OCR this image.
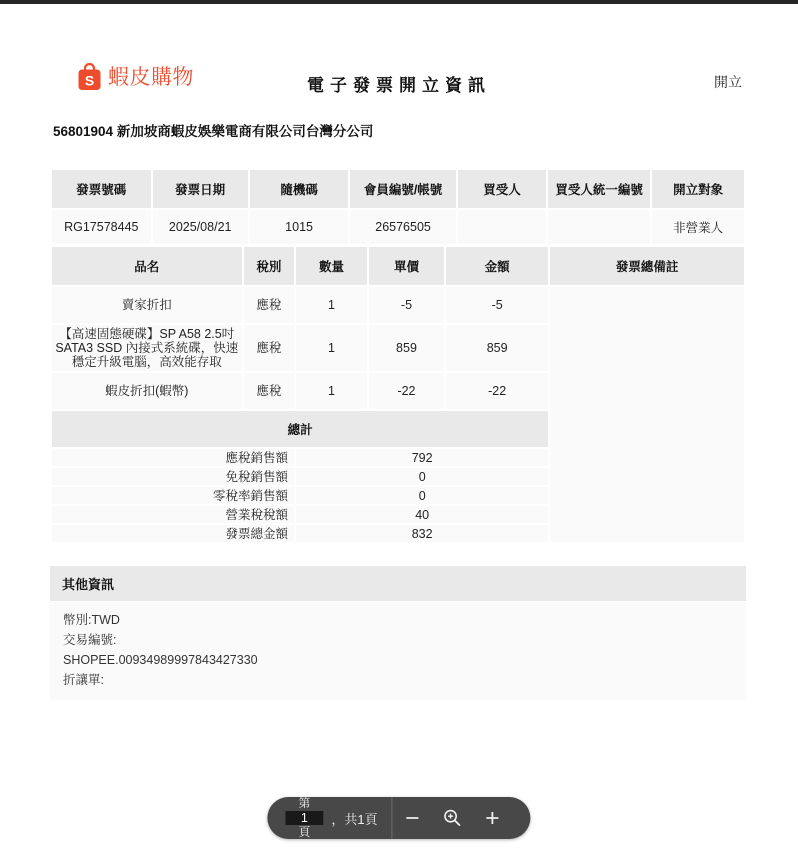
S 蝦皮購物	電子發票開立資訊	開立
56801904 新加坡商蝦皮娛樂電商有限公司台灣分公司
發票號碼	發票日期	隨機碼	會員編號/帳號	買受人	買受人統一編號	開立對象
RG17578445	2025/08/21	1015	26576505			非營業人
品名	稅別	數量	單價	金額	發票總備註
賣家折扣	應稅	1	-5	-5	
【高速固態硬碟】SP A58 2.5吋 SATA3 SSD 內接式系統碟，快速穩定升級電腦，高效能存取	應稅	1	859	859	
蝦皮折扣(蝦幣)	應稅	1	-22	-22	
總計					
應稅銷售額		792			
免稅銷售額		0			
零稅率銷售額		0			
營業稅稅額		40			
發票總金額		832			
其他資訊
幣別:TWD
交易編號:
SHOPEE.00934989997843427330
折讓單:
第
1
頁
，共1頁
